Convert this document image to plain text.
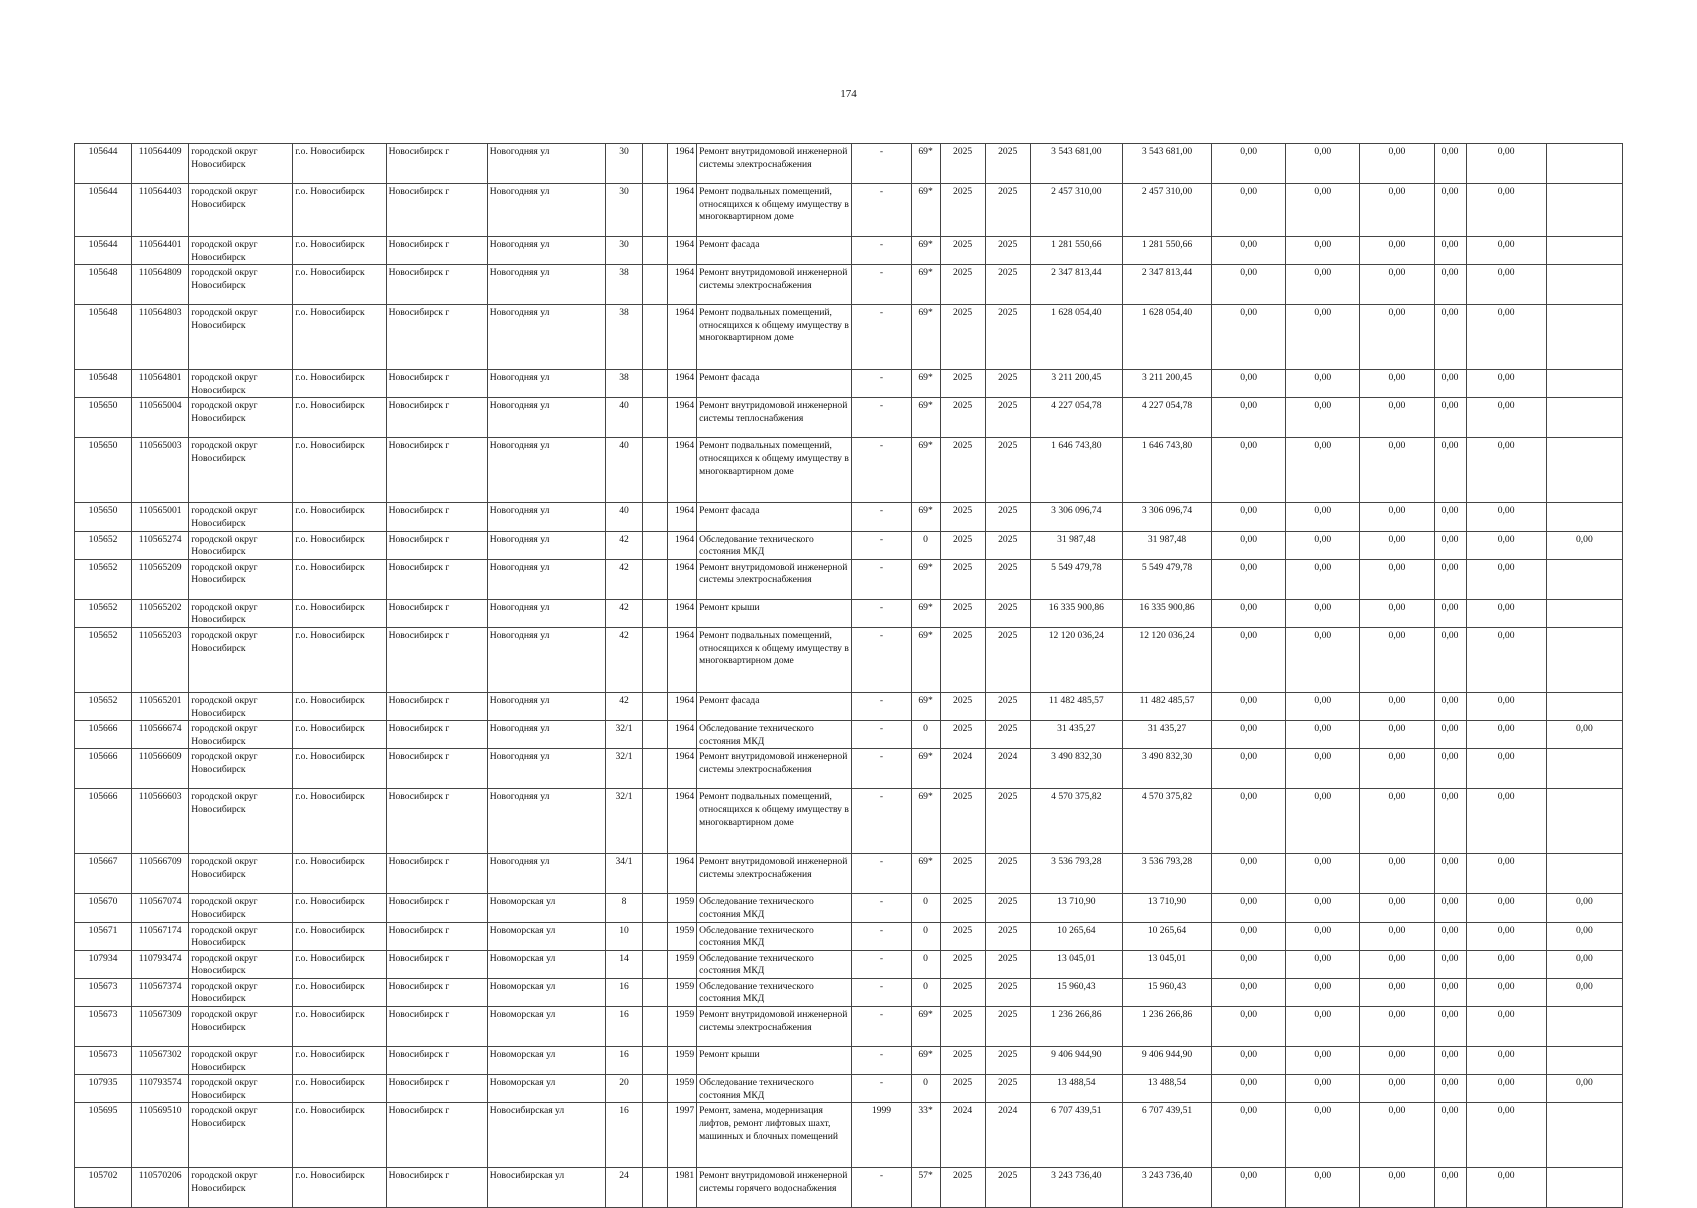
174
105644	110564409	городской округ Новосибирск	г.о. Новосибирск	Новосибирск г	Новогодняя ул	30		1964	Ремонт внутридомовой инженерной системы электроснабжения	-	69*	2025	2025	3 543 681,00	3 543 681,00	0,00	0,00	0,00	0,00	0,00	
105644	110564403	городской округ Новосибирск	г.о. Новосибирск	Новосибирск г	Новогодняя ул	30		1964	Ремонт подвальных помещений, относящихся к общему имуществу в многоквартирном доме	-	69*	2025	2025	2 457 310,00	2 457 310,00	0,00	0,00	0,00	0,00	0,00	
105644	110564401	городской округ Новосибирск	г.о. Новосибирск	Новосибирск г	Новогодняя ул	30		1964	Ремонт фасада	-	69*	2025	2025	1 281 550,66	1 281 550,66	0,00	0,00	0,00	0,00	0,00	
105648	110564809	городской округ Новосибирск	г.о. Новосибирск	Новосибирск г	Новогодняя ул	38		1964	Ремонт внутридомовой инженерной системы электроснабжения	-	69*	2025	2025	2 347 813,44	2 347 813,44	0,00	0,00	0,00	0,00	0,00	
105648	110564803	городской округ Новосибирск	г.о. Новосибирск	Новосибирск г	Новогодняя ул	38		1964	Ремонт подвальных помещений, относящихся к общему имуществу в многоквартирном доме	-	69*	2025	2025	1 628 054,40	1 628 054,40	0,00	0,00	0,00	0,00	0,00	
105648	110564801	городской округ Новосибирск	г.о. Новосибирск	Новосибирск г	Новогодняя ул	38		1964	Ремонт фасада	-	69*	2025	2025	3 211 200,45	3 211 200,45	0,00	0,00	0,00	0,00	0,00	
105650	110565004	городской округ Новосибирск	г.о. Новосибирск	Новосибирск г	Новогодняя ул	40		1964	Ремонт внутридомовой инженерной системы теплоснабжения	-	69*	2025	2025	4 227 054,78	4 227 054,78	0,00	0,00	0,00	0,00	0,00	
105650	110565003	городской округ Новосибирск	г.о. Новосибирск	Новосибирск г	Новогодняя ул	40		1964	Ремонт подвальных помещений, относящихся к общему имуществу в многоквартирном доме	-	69*	2025	2025	1 646 743,80	1 646 743,80	0,00	0,00	0,00	0,00	0,00	
105650	110565001	городской округ Новосибирск	г.о. Новосибирск	Новосибирск г	Новогодняя ул	40		1964	Ремонт фасада	-	69*	2025	2025	3 306 096,74	3 306 096,74	0,00	0,00	0,00	0,00	0,00	
105652	110565274	городской округ Новосибирск	г.о. Новосибирск	Новосибирск г	Новогодняя ул	42		1964	Обследование технического состояния МКД	-	0	2025	2025	31 987,48	31 987,48	0,00	0,00	0,00	0,00	0,00	0,00
105652	110565209	городской округ Новосибирск	г.о. Новосибирск	Новосибирск г	Новогодняя ул	42		1964	Ремонт внутридомовой инженерной системы электроснабжения	-	69*	2025	2025	5 549 479,78	5 549 479,78	0,00	0,00	0,00	0,00	0,00	
105652	110565202	городской округ Новосибирск	г.о. Новосибирск	Новосибирск г	Новогодняя ул	42		1964	Ремонт крыши	-	69*	2025	2025	16 335 900,86	16 335 900,86	0,00	0,00	0,00	0,00	0,00	
105652	110565203	городской округ Новосибирск	г.о. Новосибирск	Новосибирск г	Новогодняя ул	42		1964	Ремонт подвальных помещений, относящихся к общему имуществу в многоквартирном доме	-	69*	2025	2025	12 120 036,24	12 120 036,24	0,00	0,00	0,00	0,00	0,00	
105652	110565201	городской округ Новосибирск	г.о. Новосибирск	Новосибирск г	Новогодняя ул	42		1964	Ремонт фасада	-	69*	2025	2025	11 482 485,57	11 482 485,57	0,00	0,00	0,00	0,00	0,00	
105666	110566674	городской округ Новосибирск	г.о. Новосибирск	Новосибирск г	Новогодняя ул	32/1		1964	Обследование технического состояния МКД	-	0	2025	2025	31 435,27	31 435,27	0,00	0,00	0,00	0,00	0,00	0,00
105666	110566609	городской округ Новосибирск	г.о. Новосибирск	Новосибирск г	Новогодняя ул	32/1		1964	Ремонт внутридомовой инженерной системы электроснабжения	-	69*	2024	2024	3 490 832,30	3 490 832,30	0,00	0,00	0,00	0,00	0,00	
105666	110566603	городской округ Новосибирск	г.о. Новосибирск	Новосибирск г	Новогодняя ул	32/1		1964	Ремонт подвальных помещений, относящихся к общему имуществу в многоквартирном доме	-	69*	2025	2025	4 570 375,82	4 570 375,82	0,00	0,00	0,00	0,00	0,00	
105667	110566709	городской округ Новосибирск	г.о. Новосибирск	Новосибирск г	Новогодняя ул	34/1		1964	Ремонт внутридомовой инженерной системы электроснабжения	-	69*	2025	2025	3 536 793,28	3 536 793,28	0,00	0,00	0,00	0,00	0,00	
105670	110567074	городской округ Новосибирск	г.о. Новосибирск	Новосибирск г	Новоморская ул	8		1959	Обследование технического состояния МКД	-	0	2025	2025	13 710,90	13 710,90	0,00	0,00	0,00	0,00	0,00	0,00
105671	110567174	городской округ Новосибирск	г.о. Новосибирск	Новосибирск г	Новоморская ул	10		1959	Обследование технического состояния МКД	-	0	2025	2025	10 265,64	10 265,64	0,00	0,00	0,00	0,00	0,00	0,00
107934	110793474	городской округ Новосибирск	г.о. Новосибирск	Новосибирск г	Новоморская ул	14		1959	Обследование технического состояния МКД	-	0	2025	2025	13 045,01	13 045,01	0,00	0,00	0,00	0,00	0,00	0,00
105673	110567374	городской округ Новосибирск	г.о. Новосибирск	Новосибирск г	Новоморская ул	16		1959	Обследование технического состояния МКД	-	0	2025	2025	15 960,43	15 960,43	0,00	0,00	0,00	0,00	0,00	0,00
105673	110567309	городской округ Новосибирск	г.о. Новосибирск	Новосибирск г	Новоморская ул	16		1959	Ремонт внутридомовой инженерной системы электроснабжения	-	69*	2025	2025	1 236 266,86	1 236 266,86	0,00	0,00	0,00	0,00	0,00	
105673	110567302	городской округ Новосибирск	г.о. Новосибирск	Новосибирск г	Новоморская ул	16		1959	Ремонт крыши	-	69*	2025	2025	9 406 944,90	9 406 944,90	0,00	0,00	0,00	0,00	0,00	
107935	110793574	городской округ Новосибирск	г.о. Новосибирск	Новосибирск г	Новоморская ул	20		1959	Обследование технического состояния МКД	-	0	2025	2025	13 488,54	13 488,54	0,00	0,00	0,00	0,00	0,00	0,00
105695	110569510	городской округ Новосибирск	г.о. Новосибирск	Новосибирск г	Новосибирская ул	16		1997	Ремонт, замена, модернизация лифтов, ремонт лифтовых шахт, машинных и блочных помещений	1999	33*	2024	2024	6 707 439,51	6 707 439,51	0,00	0,00	0,00	0,00	0,00	
105702	110570206	городской округ Новосибирск	г.о. Новосибирск	Новосибирск г	Новосибирская ул	24		1981	Ремонт внутридомовой инженерной системы горячего водоснабжения	-	57*	2025	2025	3 243 736,40	3 243 736,40	0,00	0,00	0,00	0,00	0,00	
